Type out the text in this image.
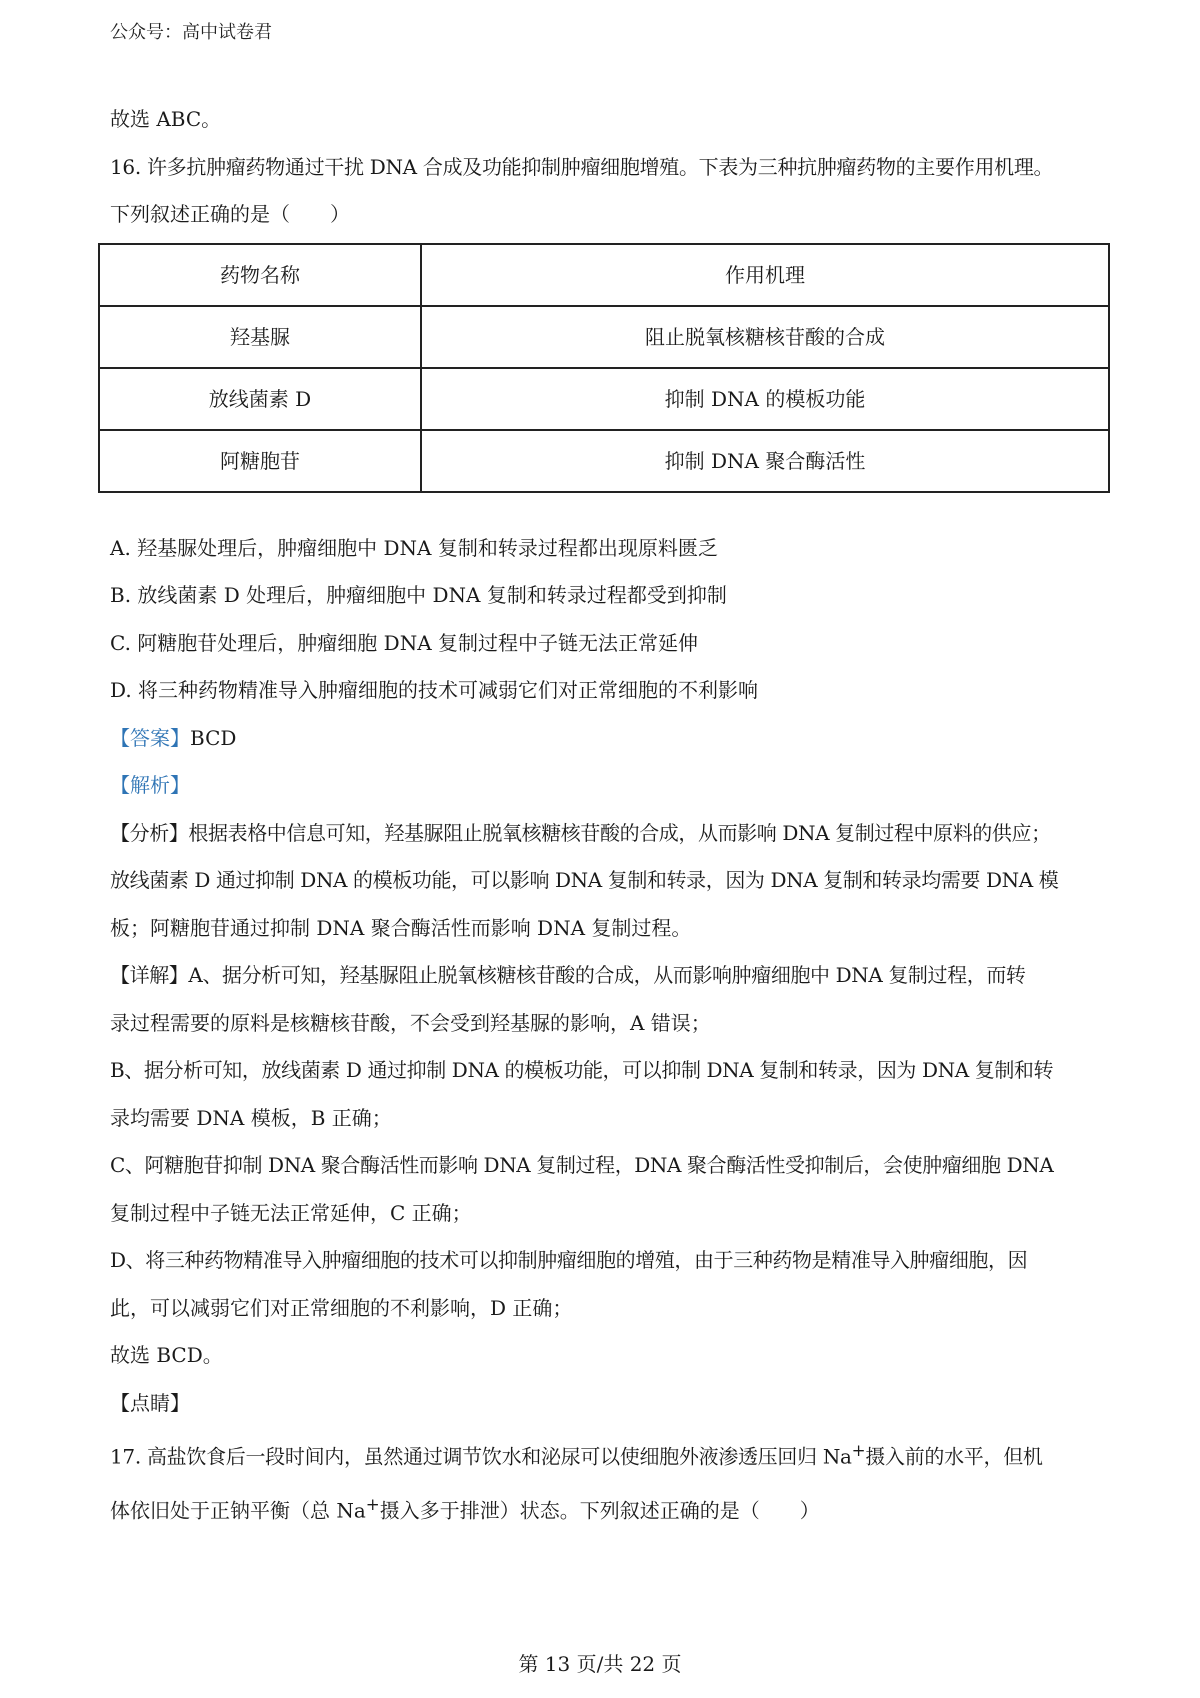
公众号：高中试卷君

故选 ABC。

16. 许多抗肿瘤药物通过干扰 DNA 合成及功能抑制肿瘤细胞增殖。下表为三种抗肿瘤药物的主要作用机理。

下列叙述正确的是（　　）

药物名称	作用机理
羟基脲	阻止脱氧核糖核苷酸的合成
放线菌素 D	抑制 DNA 的模板功能
阿糖胞苷	抑制 DNA 聚合酶活性

A. 羟基脲处理后，肿瘤细胞中 DNA 复制和转录过程都出现原料匮乏

B. 放线菌素 D 处理后，肿瘤细胞中 DNA 复制和转录过程都受到抑制

C. 阿糖胞苷处理后，肿瘤细胞 DNA 复制过程中子链无法正常延伸

D. 将三种药物精准导入肿瘤细胞的技术可减弱它们对正常细胞的不利影响

【答案】BCD

【解析】

【分析】根据表格中信息可知，羟基脲阻止脱氧核糖核苷酸的合成，从而影响 DNA 复制过程中原料的供应；

放线菌素 D 通过抑制 DNA 的模板功能，可以影响 DNA 复制和转录，因为 DNA 复制和转录均需要 DNA 模

板；阿糖胞苷通过抑制 DNA 聚合酶活性而影响 DNA 复制过程。

【详解】A、据分析可知，羟基脲阻止脱氧核糖核苷酸的合成，从而影响肿瘤细胞中 DNA 复制过程，而转

录过程需要的原料是核糖核苷酸，不会受到羟基脲的影响，A 错误；

B、据分析可知，放线菌素 D 通过抑制 DNA 的模板功能，可以抑制 DNA 复制和转录，因为 DNA 复制和转

录均需要 DNA 模板，B 正确；

C、阿糖胞苷抑制 DNA 聚合酶活性而影响 DNA 复制过程，DNA 聚合酶活性受抑制后，会使肿瘤细胞 DNA

复制过程中子链无法正常延伸，C 正确；

D、将三种药物精准导入肿瘤细胞的技术可以抑制肿瘤细胞的增殖，由于三种药物是精准导入肿瘤细胞，因

此，可以减弱它们对正常细胞的不利影响，D 正确；

故选 BCD。

【点睛】

17. 高盐饮食后一段时间内，虽然通过调节饮水和泌尿可以使细胞外液渗透压回归 Na+摄入前的水平，但机

体依旧处于正钠平衡（总 Na+摄入多于排泄）状态。下列叙述正确的是（　　）

第 13 页/共 22 页
